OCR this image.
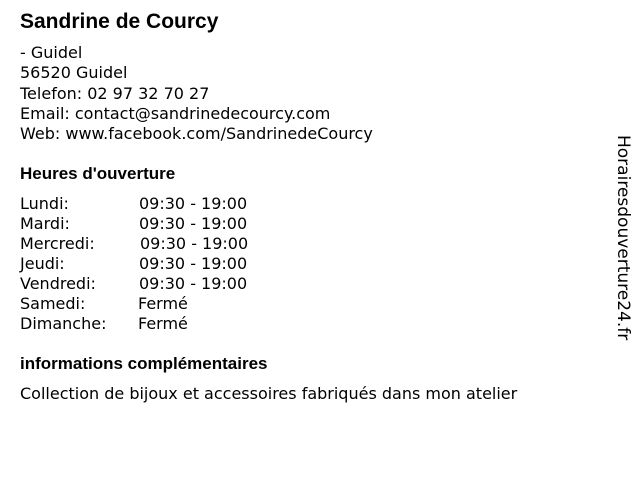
Sandrine de Courcy
- Guidel
56520 Guidel
Telefon: 02 97 32 70 27
Email: contact@sandrinedecourcy.com
Web: www.facebook.com/SandrinedeCourcy
Heures d'ouverture
Lundi:	09:30 - 19:00
Mardi:	09:30 - 19:00
Mercredi:	09:30 - 19:00
Jeudi:	09:30 - 19:00
Vendredi:	09:30 - 19:00
Samedi:	Fermé
Dimanche: Fermé
informations complémentaires
Collection de bijoux et accessoires fabriqués dans mon atelier
Horairesdouverture24.fr
